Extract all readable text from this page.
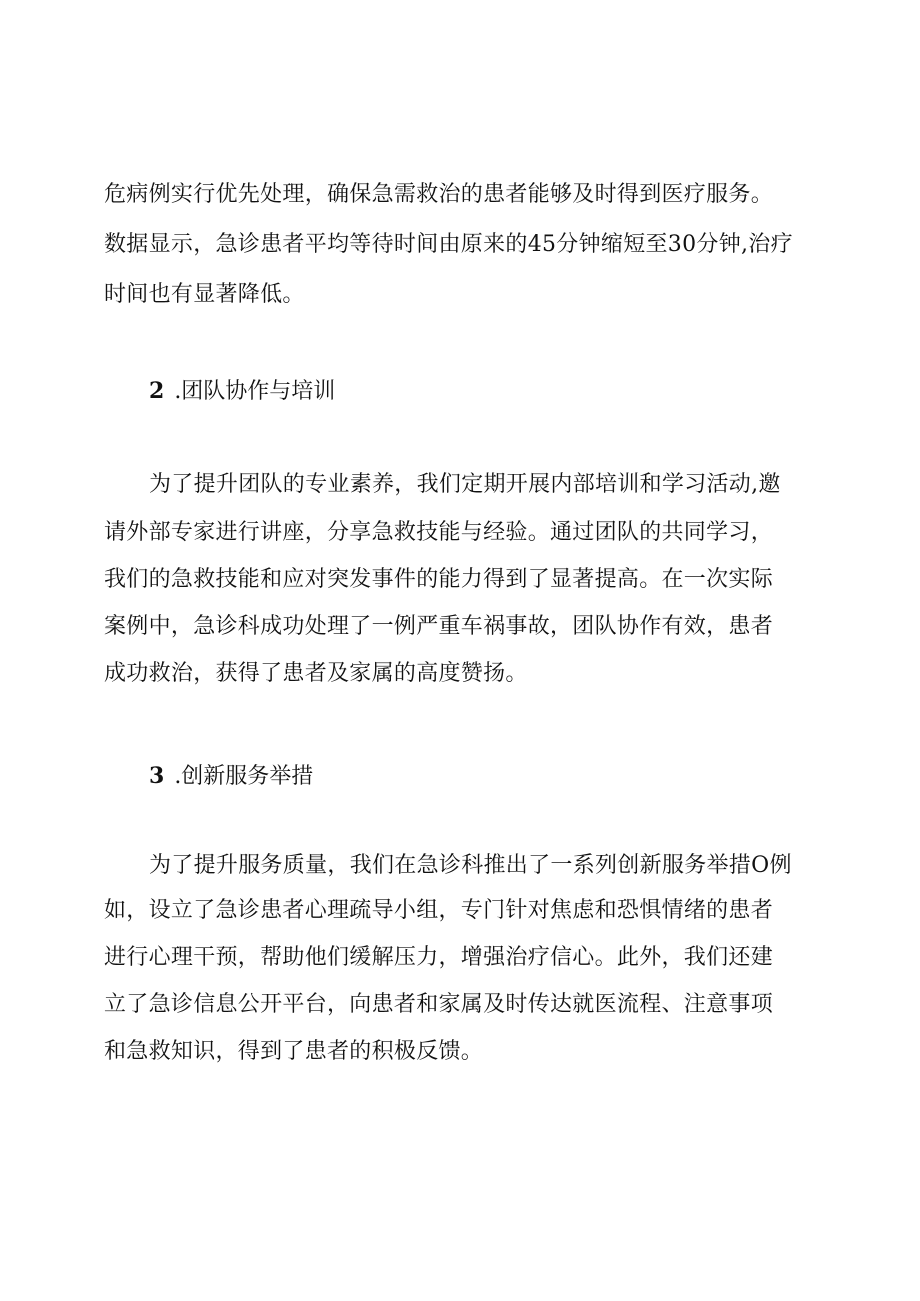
危病例实行优先处理，确保急需救治的患者能够及时得到医疗服务。
数据显示，急诊患者平均等待时间由原来的45分钟缩短至30分钟,治疗
时间也有显著降低。
2 .团队协作与培训
为了提升团队的专业素养，我们定期开展内部培训和学习活动,邀
请外部专家进行讲座，分享急救技能与经验。通过团队的共同学习，
我们的急救技能和应对突发事件的能力得到了显著提高。在一次实际
案例中，急诊科成功处理了一例严重车祸事故，团队协作有效，患者
成功救治，获得了患者及家属的高度赞扬。
3 .创新服务举措
为了提升服务质量，我们在急诊科推出了一系列创新服务举措O例
如，设立了急诊患者心理疏导小组，专门针对焦虑和恐惧情绪的患者
进行心理干预，帮助他们缓解压力，增强治疗信心。此外，我们还建
立了急诊信息公开平台，向患者和家属及时传达就医流程、注意事项
和急救知识，得到了患者的积极反馈。
